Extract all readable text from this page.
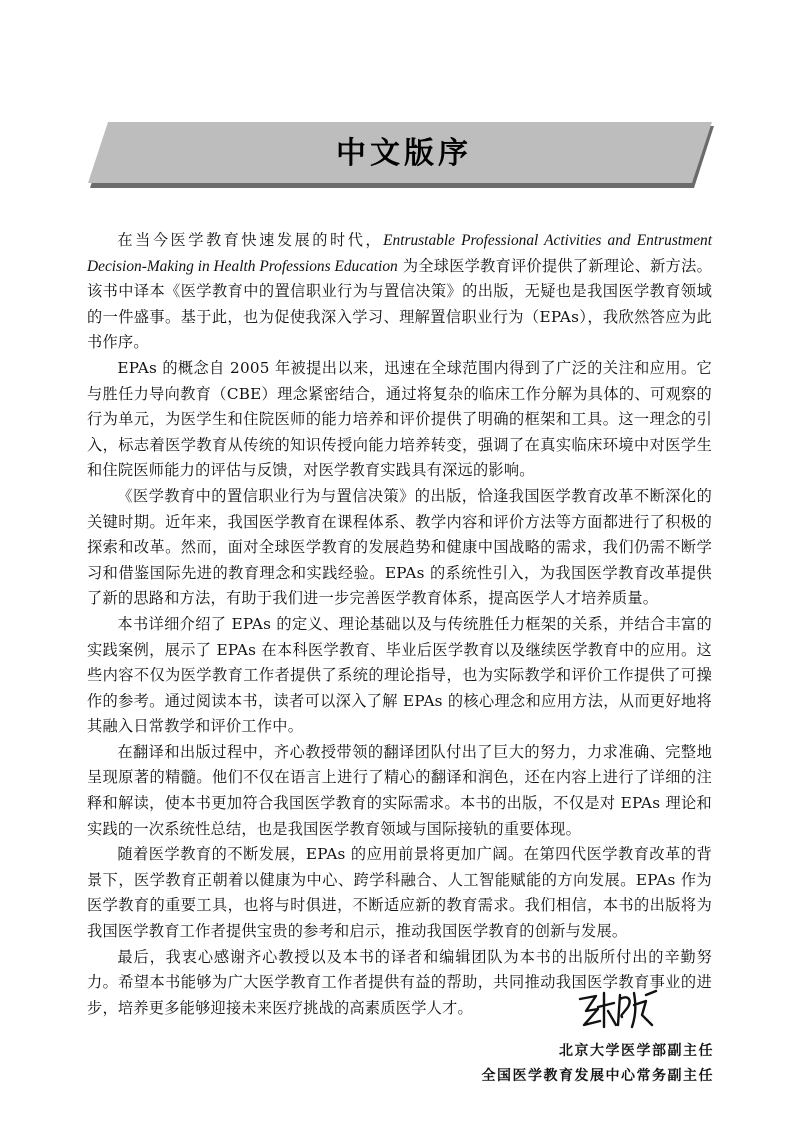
中文版序

在当今医学教育快速发展的时代，Entrustable Professional Activities and Entrustment Decision-Making in Health Professions Education 为全球医学教育评价提供了新理论、新方法。该书中译本《医学教育中的置信职业行为与置信决策》的出版，无疑也是我国医学教育领域的一件盛事。基于此，也为促使我深入学习、理解置信职业行为（EPAs），我欣然答应为此书作序。

EPAs 的概念自 2005 年被提出以来，迅速在全球范围内得到了广泛的关注和应用。它与胜任力导向教育（CBE）理念紧密结合，通过将复杂的临床工作分解为具体的、可观察的行为单元，为医学生和住院医师的能力培养和评价提供了明确的框架和工具。这一理念的引入，标志着医学教育从传统的知识传授向能力培养转变，强调了在真实临床环境中对医学生和住院医师能力的评估与反馈，对医学教育实践具有深远的影响。

《医学教育中的置信职业行为与置信决策》的出版，恰逢我国医学教育改革不断深化的关键时期。近年来，我国医学教育在课程体系、教学内容和评价方法等方面都进行了积极的探索和改革。然而，面对全球医学教育的发展趋势和健康中国战略的需求，我们仍需不断学习和借鉴国际先进的教育理念和实践经验。EPAs 的系统性引入，为我国医学教育改革提供了新的思路和方法，有助于我们进一步完善医学教育体系，提高医学人才培养质量。

本书详细介绍了 EPAs 的定义、理论基础以及与传统胜任力框架的关系，并结合丰富的实践案例，展示了 EPAs 在本科医学教育、毕业后医学教育以及继续医学教育中的应用。这些内容不仅为医学教育工作者提供了系统的理论指导，也为实际教学和评价工作提供了可操作的参考。通过阅读本书，读者可以深入了解 EPAs 的核心理念和应用方法，从而更好地将其融入日常教学和评价工作中。

在翻译和出版过程中，齐心教授带领的翻译团队付出了巨大的努力，力求准确、完整地呈现原著的精髓。他们不仅在语言上进行了精心的翻译和润色，还在内容上进行了详细的注释和解读，使本书更加符合我国医学教育的实际需求。本书的出版，不仅是对 EPAs 理论和实践的一次系统性总结，也是我国医学教育领域与国际接轨的重要体现。

随着医学教育的不断发展，EPAs 的应用前景将更加广阔。在第四代医学教育改革的背景下，医学教育正朝着以健康为中心、跨学科融合、人工智能赋能的方向发展。EPAs 作为医学教育的重要工具，也将与时俱进，不断适应新的教育需求。我们相信，本书的出版将为我国医学教育工作者提供宝贵的参考和启示，推动我国医学教育的创新与发展。

最后，我衷心感谢齐心教授以及本书的译者和编辑团队为本书的出版所付出的辛勤努力。希望本书能够为广大医学教育工作者提供有益的帮助，共同推动我国医学教育事业的进步，培养更多能够迎接未来医疗挑战的高素质医学人才。

北京大学医学部副主任
全国医学教育发展中心常务副主任
